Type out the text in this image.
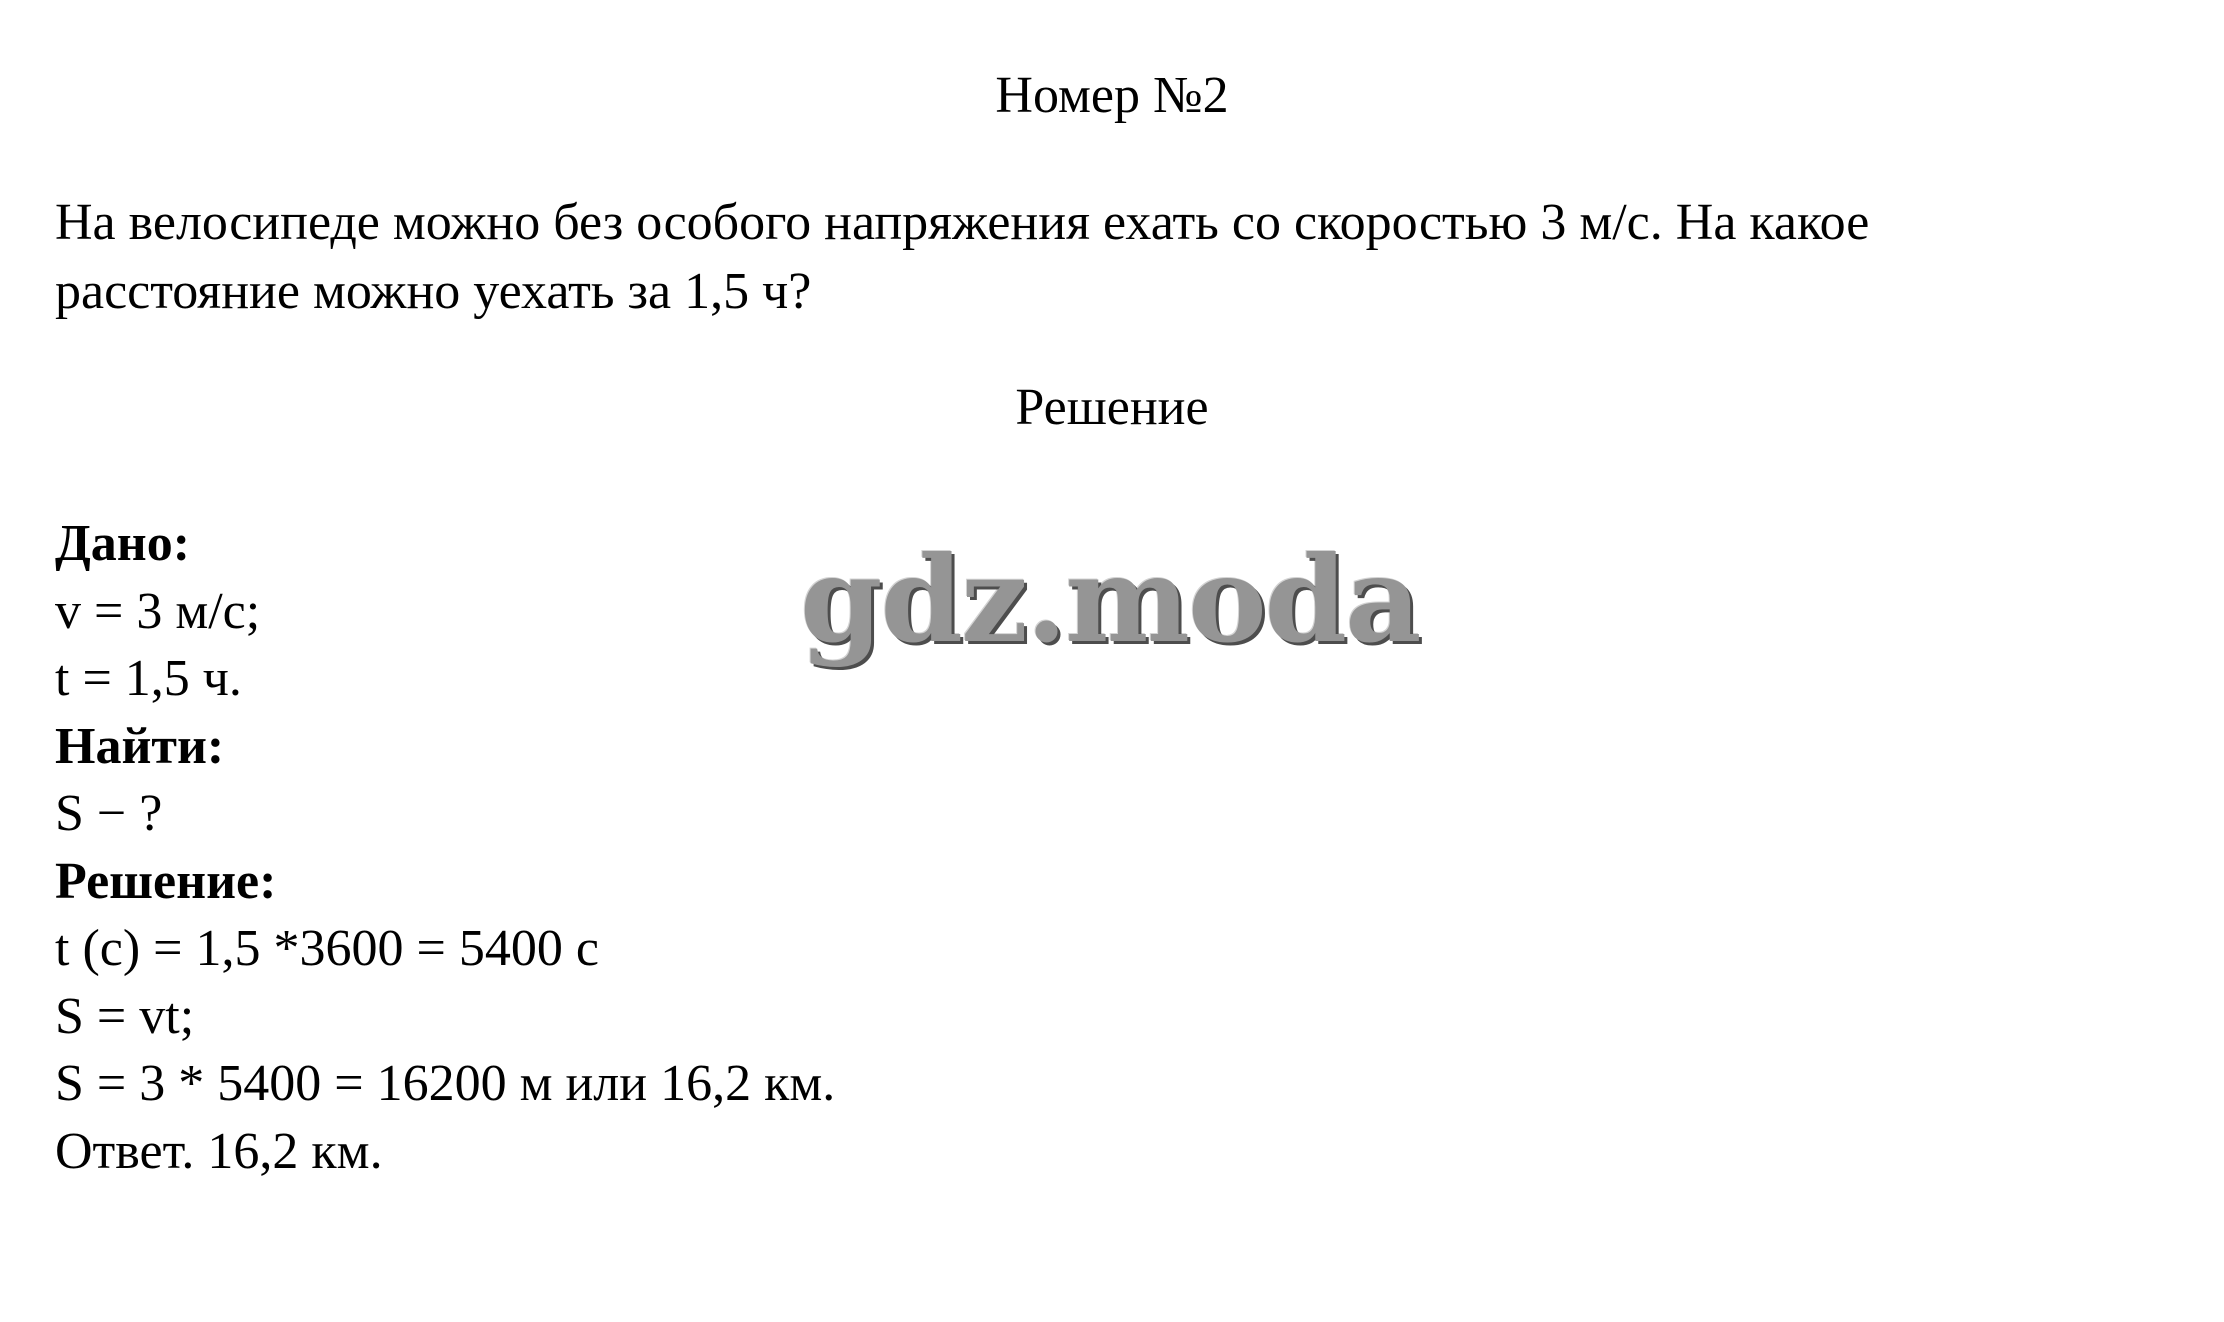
Номер №2
На велосипеде можно без особого напряжения ехать со скоростью 3 м/с. На какое
расстояние можно уехать за 1,5 ч?
Решение
Дано:
v = 3 м/с;
t = 1,5 ч.
Найти:
S − ?
Решение:
t (c) = 1,5 *3600 = 5400 с
S = vt;
S = 3 * 5400 = 16200 м или 16,2 км.
Ответ. 16,2 км.
gdz.moda
